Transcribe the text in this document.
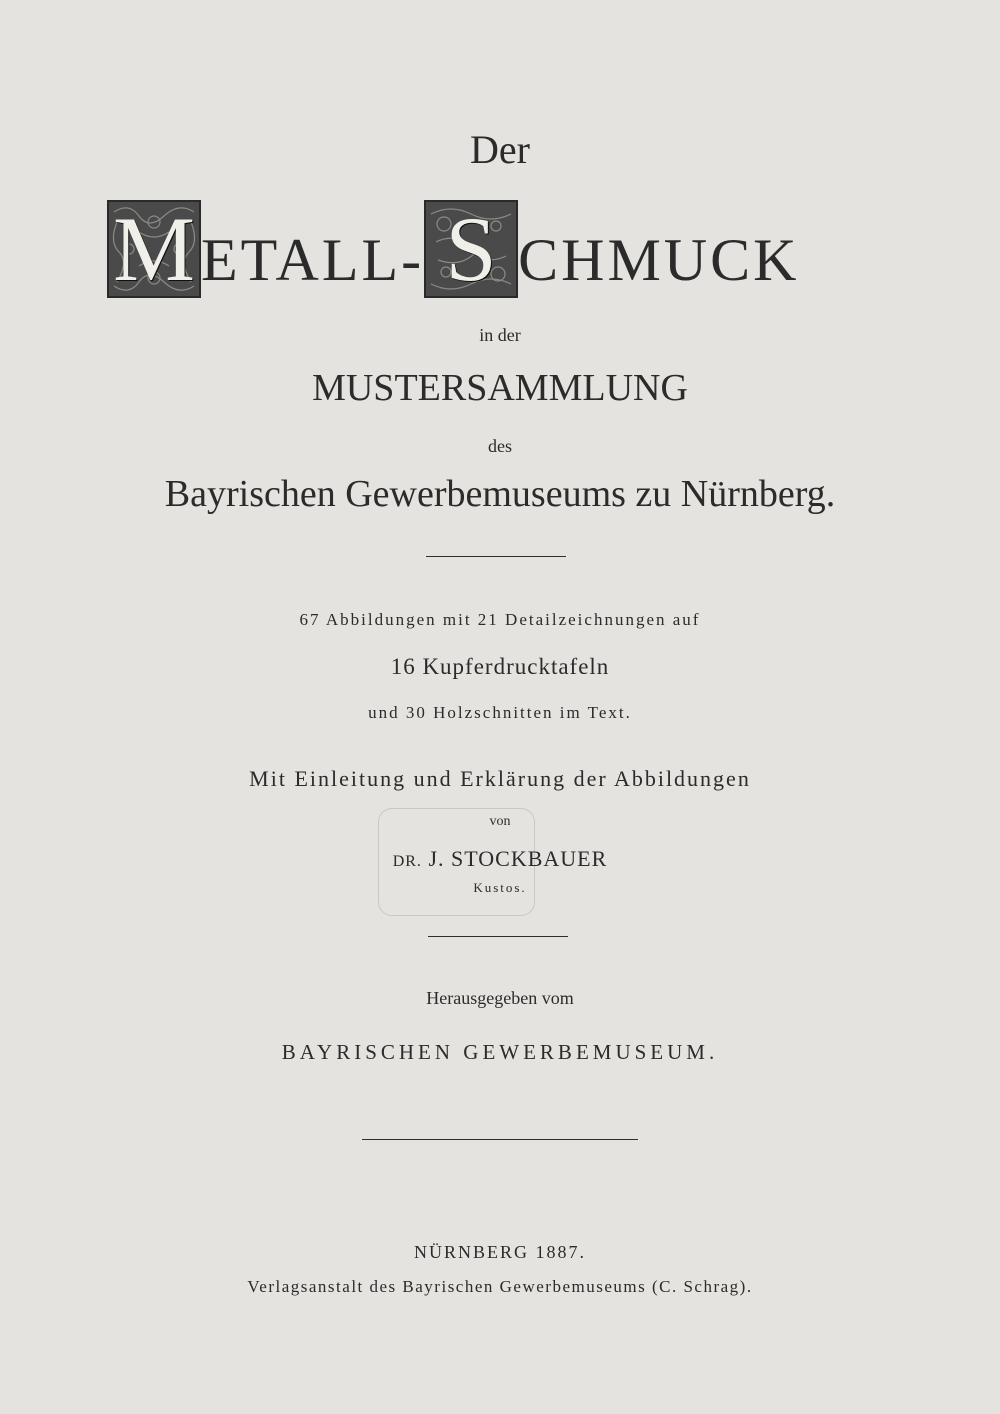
Der
M ETALL- S CHMUCK
in der
MUSTERSAMMLUNG
des
Bayrischen Gewerbemuseums zu Nürnberg.
67 Abbildungen mit 21 Detailzeichnungen auf
16 Kupferdrucktafeln
und 30 Holzschnitten im Text.
Mit Einleitung und Erklärung der Abbildungen
von
DR. J. STOCKBAUER
Kustos.
Herausgegeben vom
BAYRISCHEN GEWERBEMUSEUM.
NÜRNBERG 1887.
Verlagsanstalt des Bayrischen Gewerbemuseums (C. Schrag).
